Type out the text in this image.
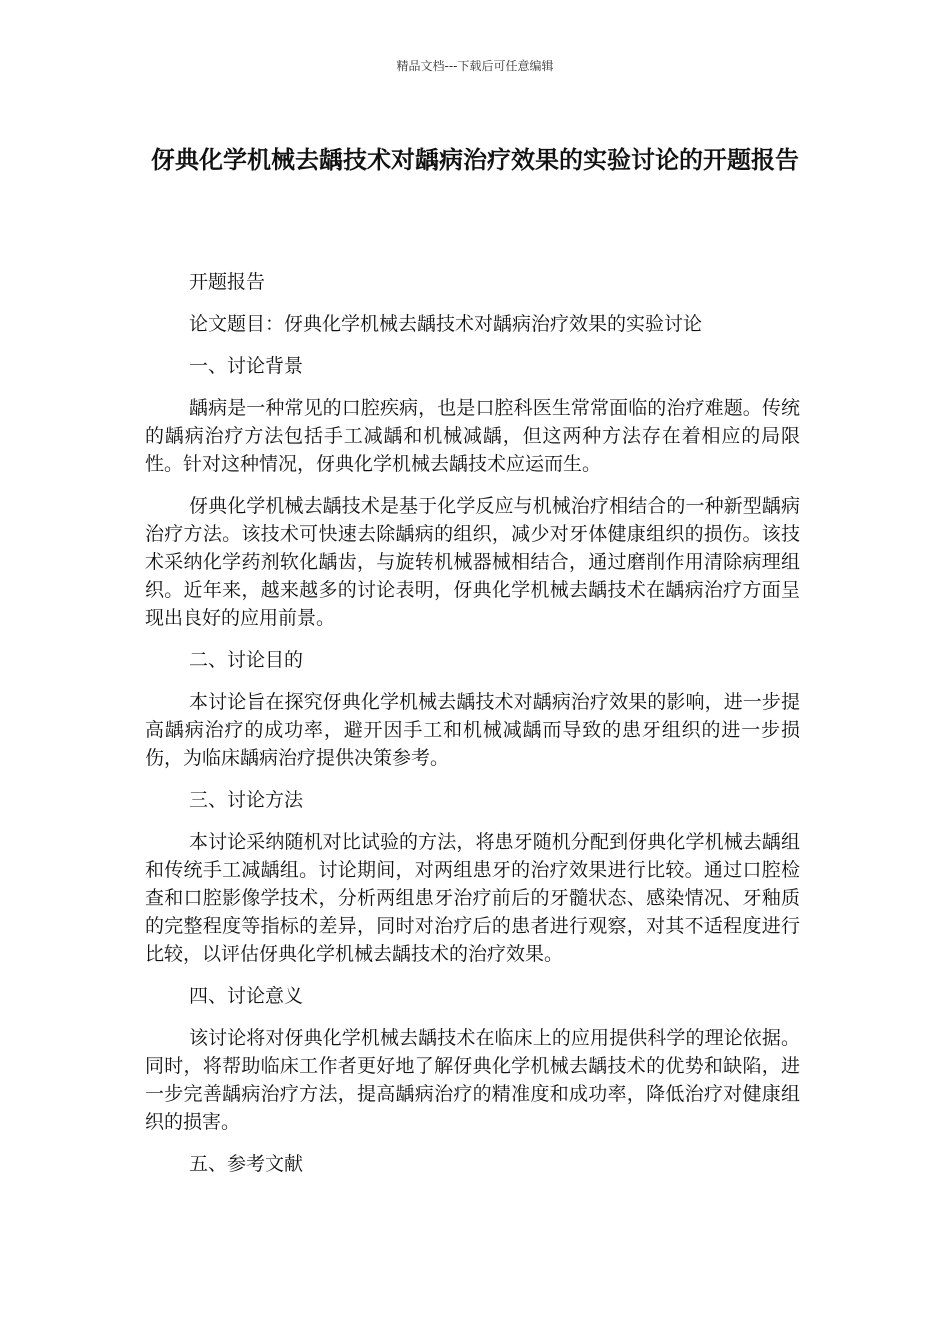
精品文档---下载后可任意编辑
伢典化学机械去龋技术对龋病治疗效果的实验讨论的开题报告

开题报告

论文题目：伢典化学机械去龋技术对龋病治疗效果的实验讨论

一、讨论背景

龋病是一种常见的口腔疾病，也是口腔科医生常常面临的治疗难题。传统的龋病治疗方法包括手工减龋和机械减龋，但这两种方法存在着相应的局限性。针对这种情况，伢典化学机械去龋技术应运而生。

伢典化学机械去龋技术是基于化学反应与机械治疗相结合的一种新型龋病治疗方法。该技术可快速去除龋病的组织，减少对牙体健康组织的损伤。该技术采纳化学药剂软化龋齿，与旋转机械器械相结合，通过磨削作用清除病理组织。近年来，越来越多的讨论表明，伢典化学机械去龋技术在龋病治疗方面呈现出良好的应用前景。

二、讨论目的

本讨论旨在探究伢典化学机械去龋技术对龋病治疗效果的影响，进一步提高龋病治疗的成功率，避开因手工和机械减龋而导致的患牙组织的进一步损伤，为临床龋病治疗提供决策参考。

三、讨论方法

本讨论采纳随机对比试验的方法，将患牙随机分配到伢典化学机械去龋组和传统手工减龋组。讨论期间，对两组患牙的治疗效果进行比较。通过口腔检查和口腔影像学技术，分析两组患牙治疗前后的牙髓状态、感染情况、牙釉质的完整程度等指标的差异，同时对治疗后的患者进行观察，对其不适程度进行比较，以评估伢典化学机械去龋技术的治疗效果。

四、讨论意义

该讨论将对伢典化学机械去龋技术在临床上的应用提供科学的理论依据。同时，将帮助临床工作者更好地了解伢典化学机械去龋技术的优势和缺陷，进一步完善龋病治疗方法，提高龋病治疗的精准度和成功率，降低治疗对健康组织的损害。

五、参考文献
